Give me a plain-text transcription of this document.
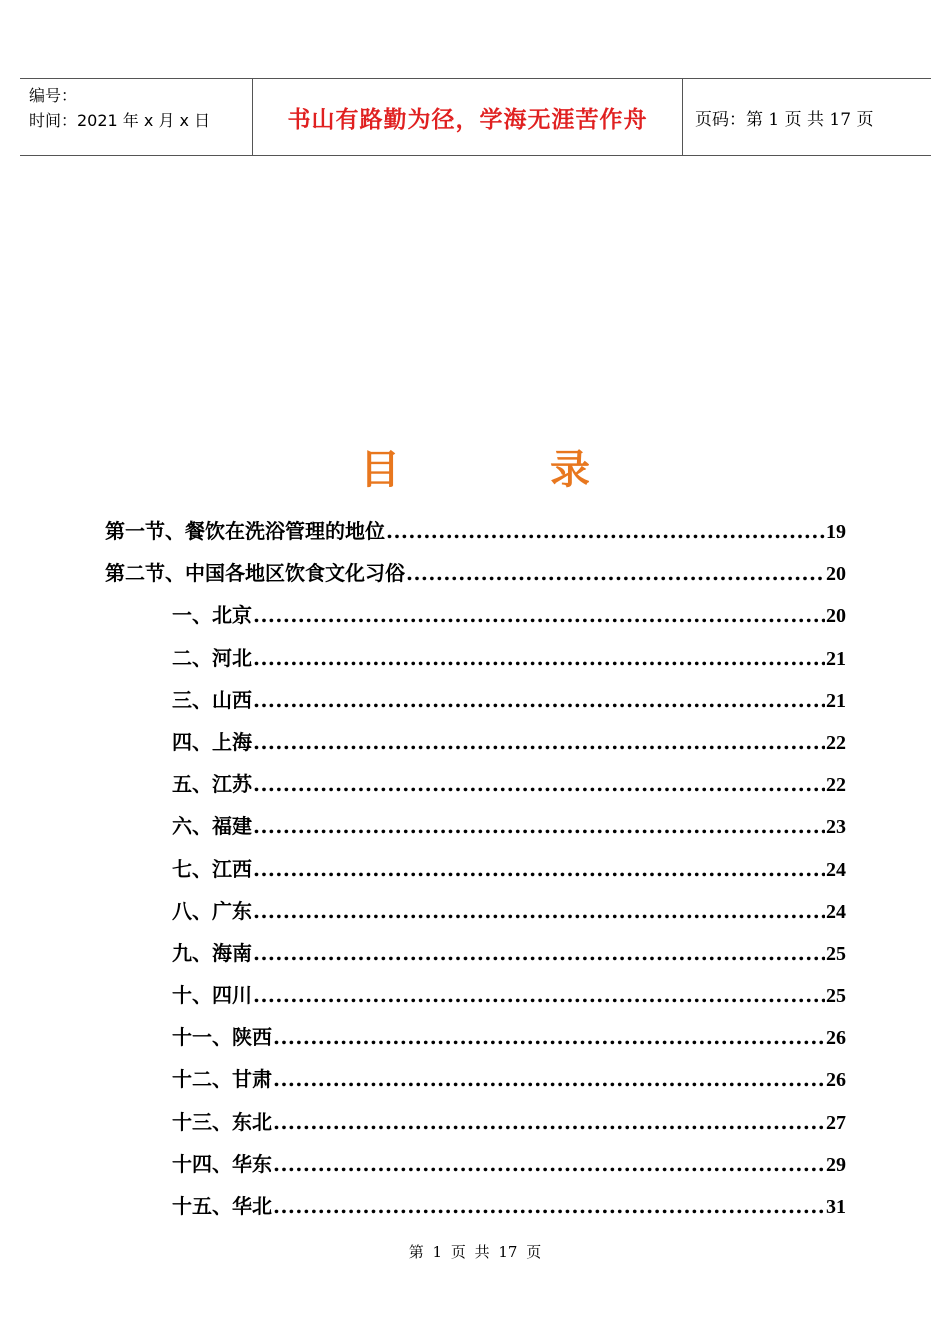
编号：
时间：2021 年 x 月 x 日	书山有路勤为径，学海无涯苦作舟	页码：第 1 页 共 17 页
目	录
第一节、餐饮在洗浴管理的地位 .....	19
第二节、中国各地区饮食文化习俗 .....	20
一、北京 .....	20
二、河北 .....	21
三、山西 .....	21
四、上海 .....	22
五、江苏 .....	22
六、福建 .....	23
七、江西 .....	24
八、广东 .....	24
九、海南 .....	25
十、四川 .....	25
十一、陕西 .....	26
十二、甘肃 .....	26
十三、东北 .....	27
十四、华东 .....	29
十五、华北 .....	31
第 1 页 共 17 页
